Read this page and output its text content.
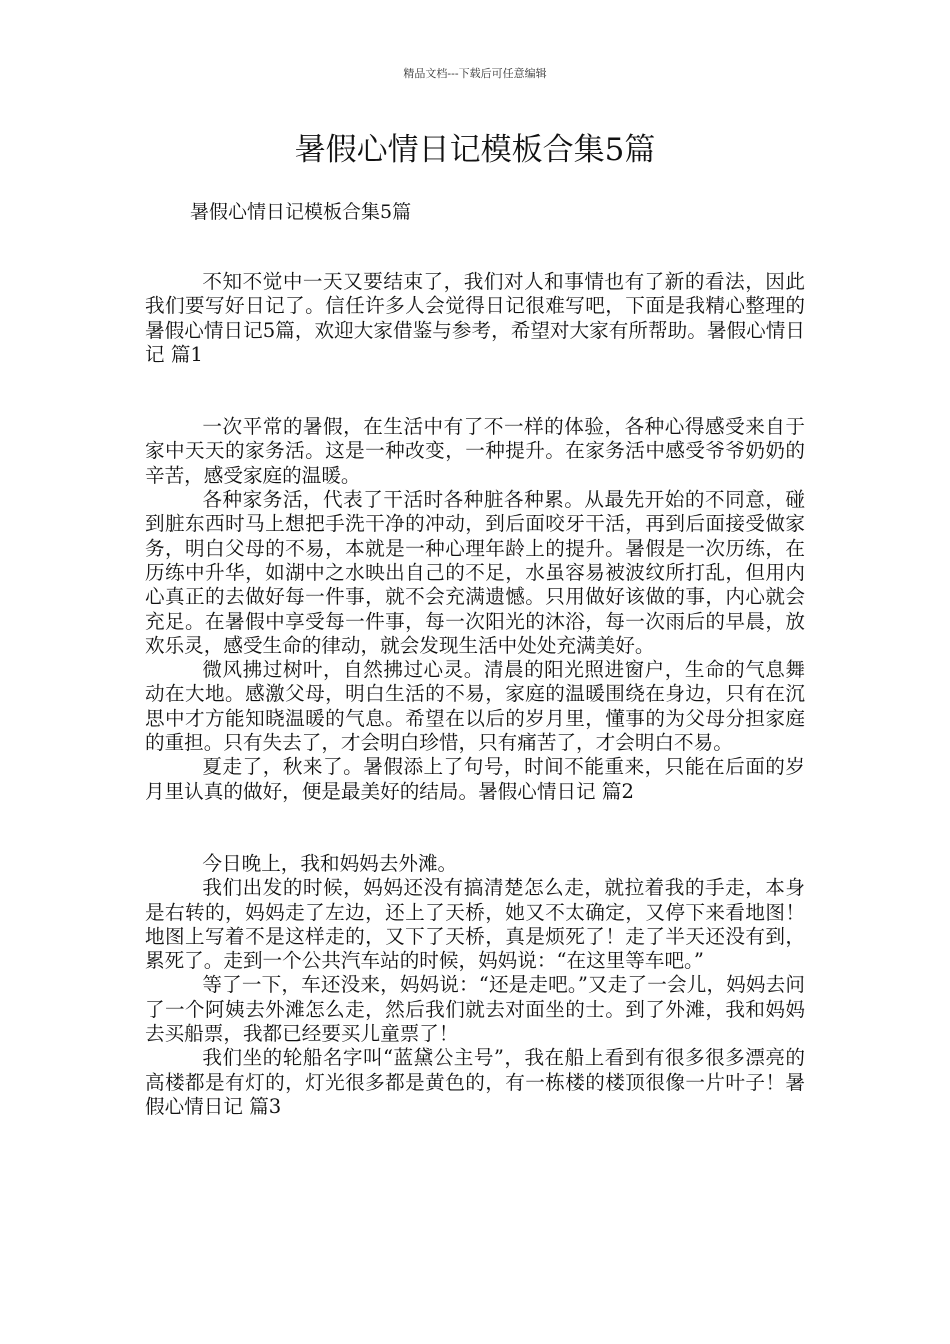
精品文档---下载后可任意编辑
暑假心情日记模板合集5篇
暑假心情日记模板合集5篇

不知不觉中一天又要结束了，我们对人和事情也有了新的看法，因此我们要写好日记了。信任许多人会觉得日记很难写吧，下面是我精心整理的暑假心情日记5篇，欢迎大家借鉴与参考，希望对大家有所帮助。暑假心情日记 篇1

一次平常的暑假，在生活中有了不一样的体验，各种心得感受来自于家中天天的家务活。这是一种改变，一种提升。在家务活中感受爷爷奶奶的辛苦，感受家庭的温暖。

各种家务活，代表了干活时各种脏各种累。从最先开始的不同意，碰到脏东西时马上想把手洗干净的冲动，到后面咬牙干活，再到后面接受做家务，明白父母的不易，本就是一种心理年龄上的提升。暑假是一次历练，在历练中升华，如湖中之水映出自己的不足，水虽容易被波纹所打乱，但用内心真正的去做好每一件事，就不会充满遗憾。只用做好该做的事，内心就会充足。在暑假中享受每一件事，每一次阳光的沐浴，每一次雨后的早晨，放欢乐灵，感受生命的律动，就会发现生活中处处充满美好。

微风拂过树叶，自然拂过心灵。清晨的阳光照进窗户，生命的气息舞动在大地。感激父母，明白生活的不易，家庭的温暖围绕在身边，只有在沉思中才方能知晓温暖的气息。希望在以后的岁月里，懂事的为父母分担家庭的重担。只有失去了，才会明白珍惜，只有痛苦了，才会明白不易。

夏走了，秋来了。暑假添上了句号，时间不能重来，只能在后面的岁月里认真的做好，便是最美好的结局。暑假心情日记 篇2

今日晚上，我和妈妈去外滩。

我们出发的时候，妈妈还没有搞清楚怎么走，就拉着我的手走，本身是右转的，妈妈走了左边，还上了天桥，她又不太确定，又停下来看地图！地图上写着不是这样走的，又下了天桥，真是烦死了！走了半天还没有到，累死了。走到一个公共汽车站的时候，妈妈说：“在这里等车吧。”

等了一下，车还没来，妈妈说：“还是走吧。”又走了一会儿，妈妈去问了一个阿姨去外滩怎么走，然后我们就去对面坐的士。到了外滩，我和妈妈去买船票，我都已经要买儿童票了！

我们坐的轮船名字叫“蓝黛公主号”，我在船上看到有很多很多漂亮的高楼都是有灯的，灯光很多都是黄色的，有一栋楼的楼顶很像一片叶子！暑假心情日记 篇3
